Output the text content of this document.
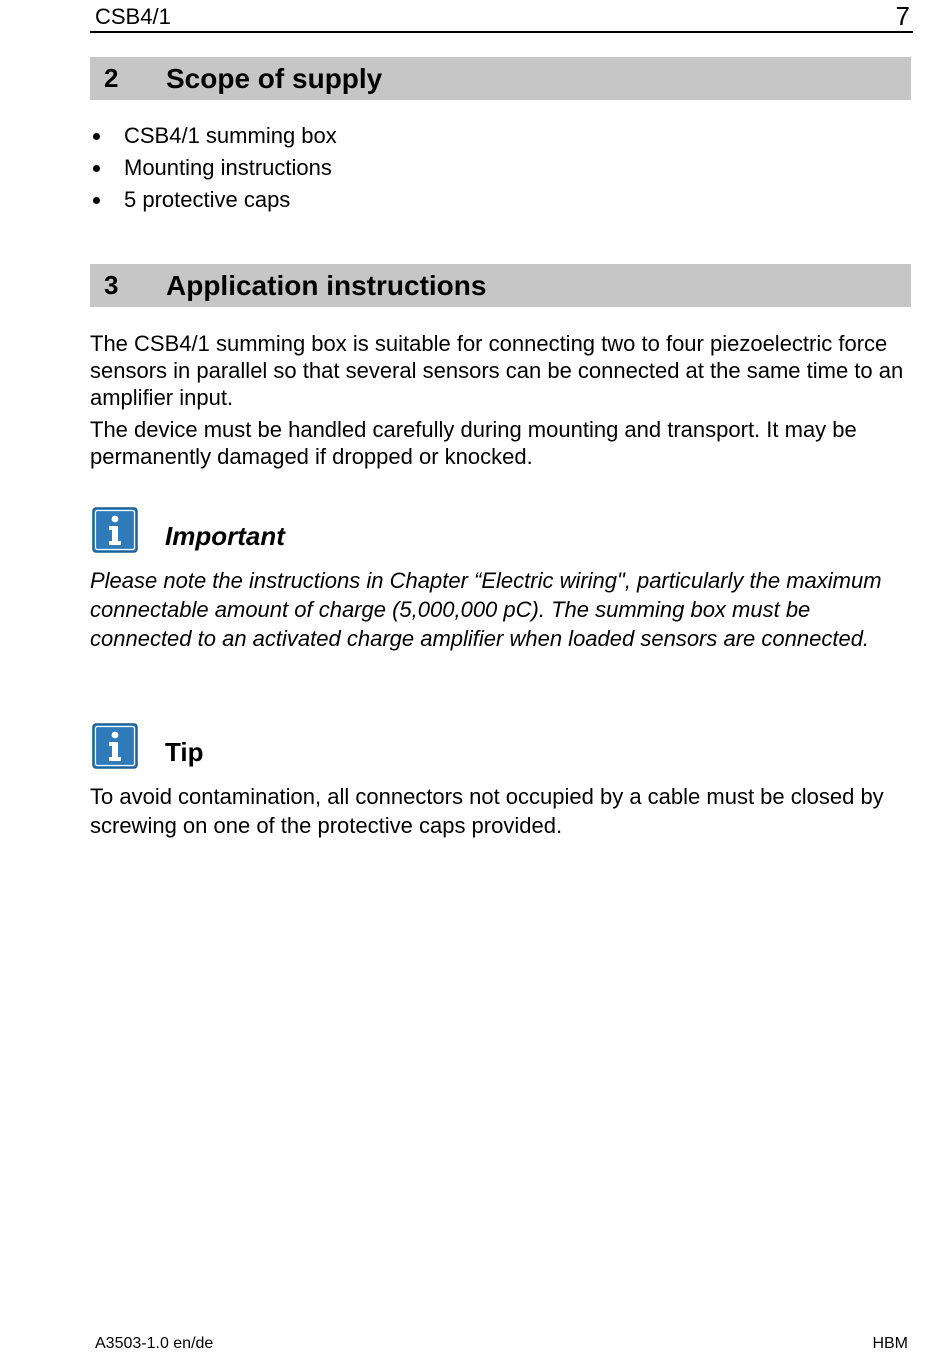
CSB4/1	7
2 Scope of supply
CSB4/1 summing box
Mounting instructions
5 protective caps
3 Application instructions

The CSB4/1 summing box is suitable for connecting two to four piezoelectric force sensors in parallel so that several sensors can be connected at the same time to an amplifier input.

The device must be handled carefully during mounting and transport. It may be permanently damaged if dropped or knocked.

Important

Please note the instructions in Chapter “Electric wiring", particularly the maximum connectable amount of charge (5,000,000 pC). The summing box must be connected to an activated charge amplifier when loaded sensors are connected.

Tip

To avoid contamination, all connectors not occupied by a cable must be closed by screwing on one of the protective caps provided.

A3503-1.0 en/de	HBM
